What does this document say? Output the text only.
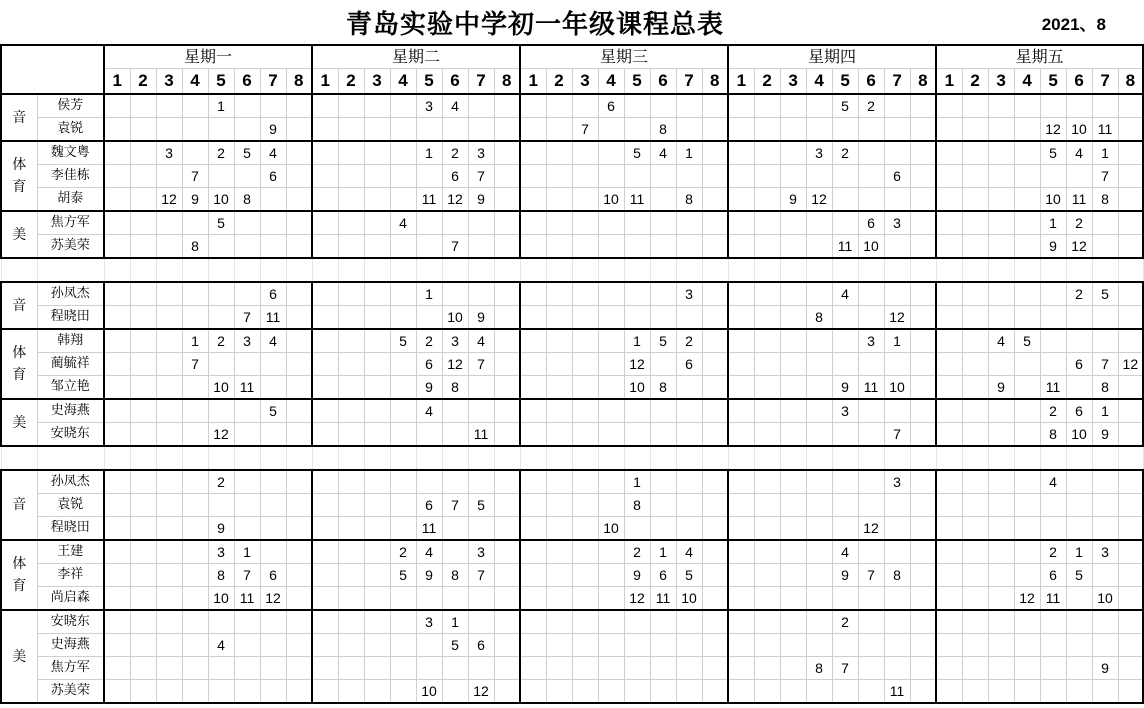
青岛实验中学初一年级课程总表	2021、8
		星期一								星期二								星期三								星期四								星期五							
		1	2	3	4	5	6	7	8	1	2	3	4	5	6	7	8	1	2	3	4	5	6	7	8	1	2	3	4	5	6	7	8	1	2	3	4	5	6	7	8
音	侯芳					1								3	4						6									5	2										
	袁锐							9												7			8															12	10	11	
体育	魏文粤			3		2	5	4						1	2	3						5	4	1					3	2								5	4	1	
	李佳栋				7			6							6	7																6								7	
	胡泰			12	9	10	8							11	12	9					10	11		8				9	12									10	11	8	
美	焦方军					5							4																		6	3						1	2		
	苏美荣				8										7															11	10							9	12		

音	孙凤杰							6						1										3						4									2	5	
	程晓田						7	11							10	9													8			12									
体育	韩翔				1	2	3	4					5	2	3	4						1	5	2							3	1				4	5				
	蔺毓祥				7									6	12	7						12		6															6	7	12
	邹立艳					10	11							9	8							10	8							9	11	10				9		11		8	
美	史海燕							5						4																3								2	6	1	
	安晓东					12										11																7						8	10	9	

音	孙凤杰					2																1										3						4			
	袁锐													6	7	5						8																			
	程晓田					9								11							10										12										
体育	王建					3	1						2	4		3						2	1	4						4								2	1	3	
	李祥					8	7	6					5	9	8	7						9	6	5						9	7	8						6	5		
	尚启森					10	11	12														12	11	10													12	11		10	
美	安晓东													3	1															2											
	史海燕					4									5	6																									
	焦方军																												8	7										9	
	苏美荣													10		12																11									
